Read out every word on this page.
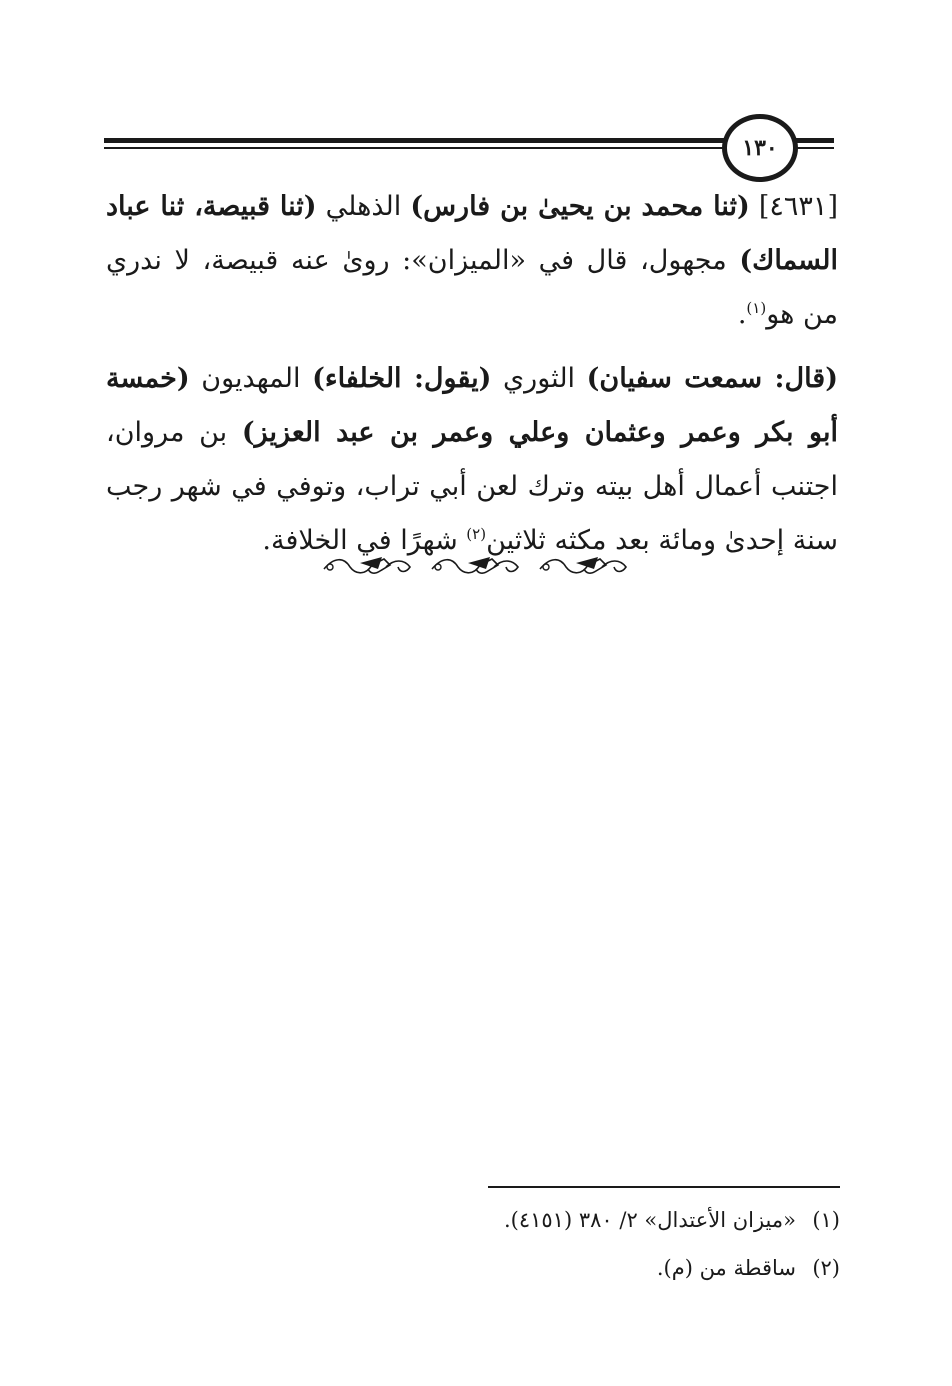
١٣٠

[٤٦٣١] (ثنا محمد بن يحيىٰ بن فارس) الذهلي (ثنا قبيصة، ثنا عباد السماك) مجهول، قال في «الميزان»: روىٰ عنه قبيصة، لا ندري من هو$^{(١)}$.

(قال: سمعت سفيان) الثوري (يقول: الخلفاء) المهديون (خمسة أبو بكر وعمر وعثمان وعلي وعمر بن عبد العزيز) بن مروان، اجتنب أعمال أهل بيته وترك لعن أبي تراب، وتوفي في شهر رجب سنة إحدىٰ ومائة بعد مكثه ثلاثين$^{(٢)}$ شهرًا في الخلافة.

(١)«ميزان الأعتدال» ٢/ ٣٨٠ (٤١٥١).

(٢)ساقطة من (م).
